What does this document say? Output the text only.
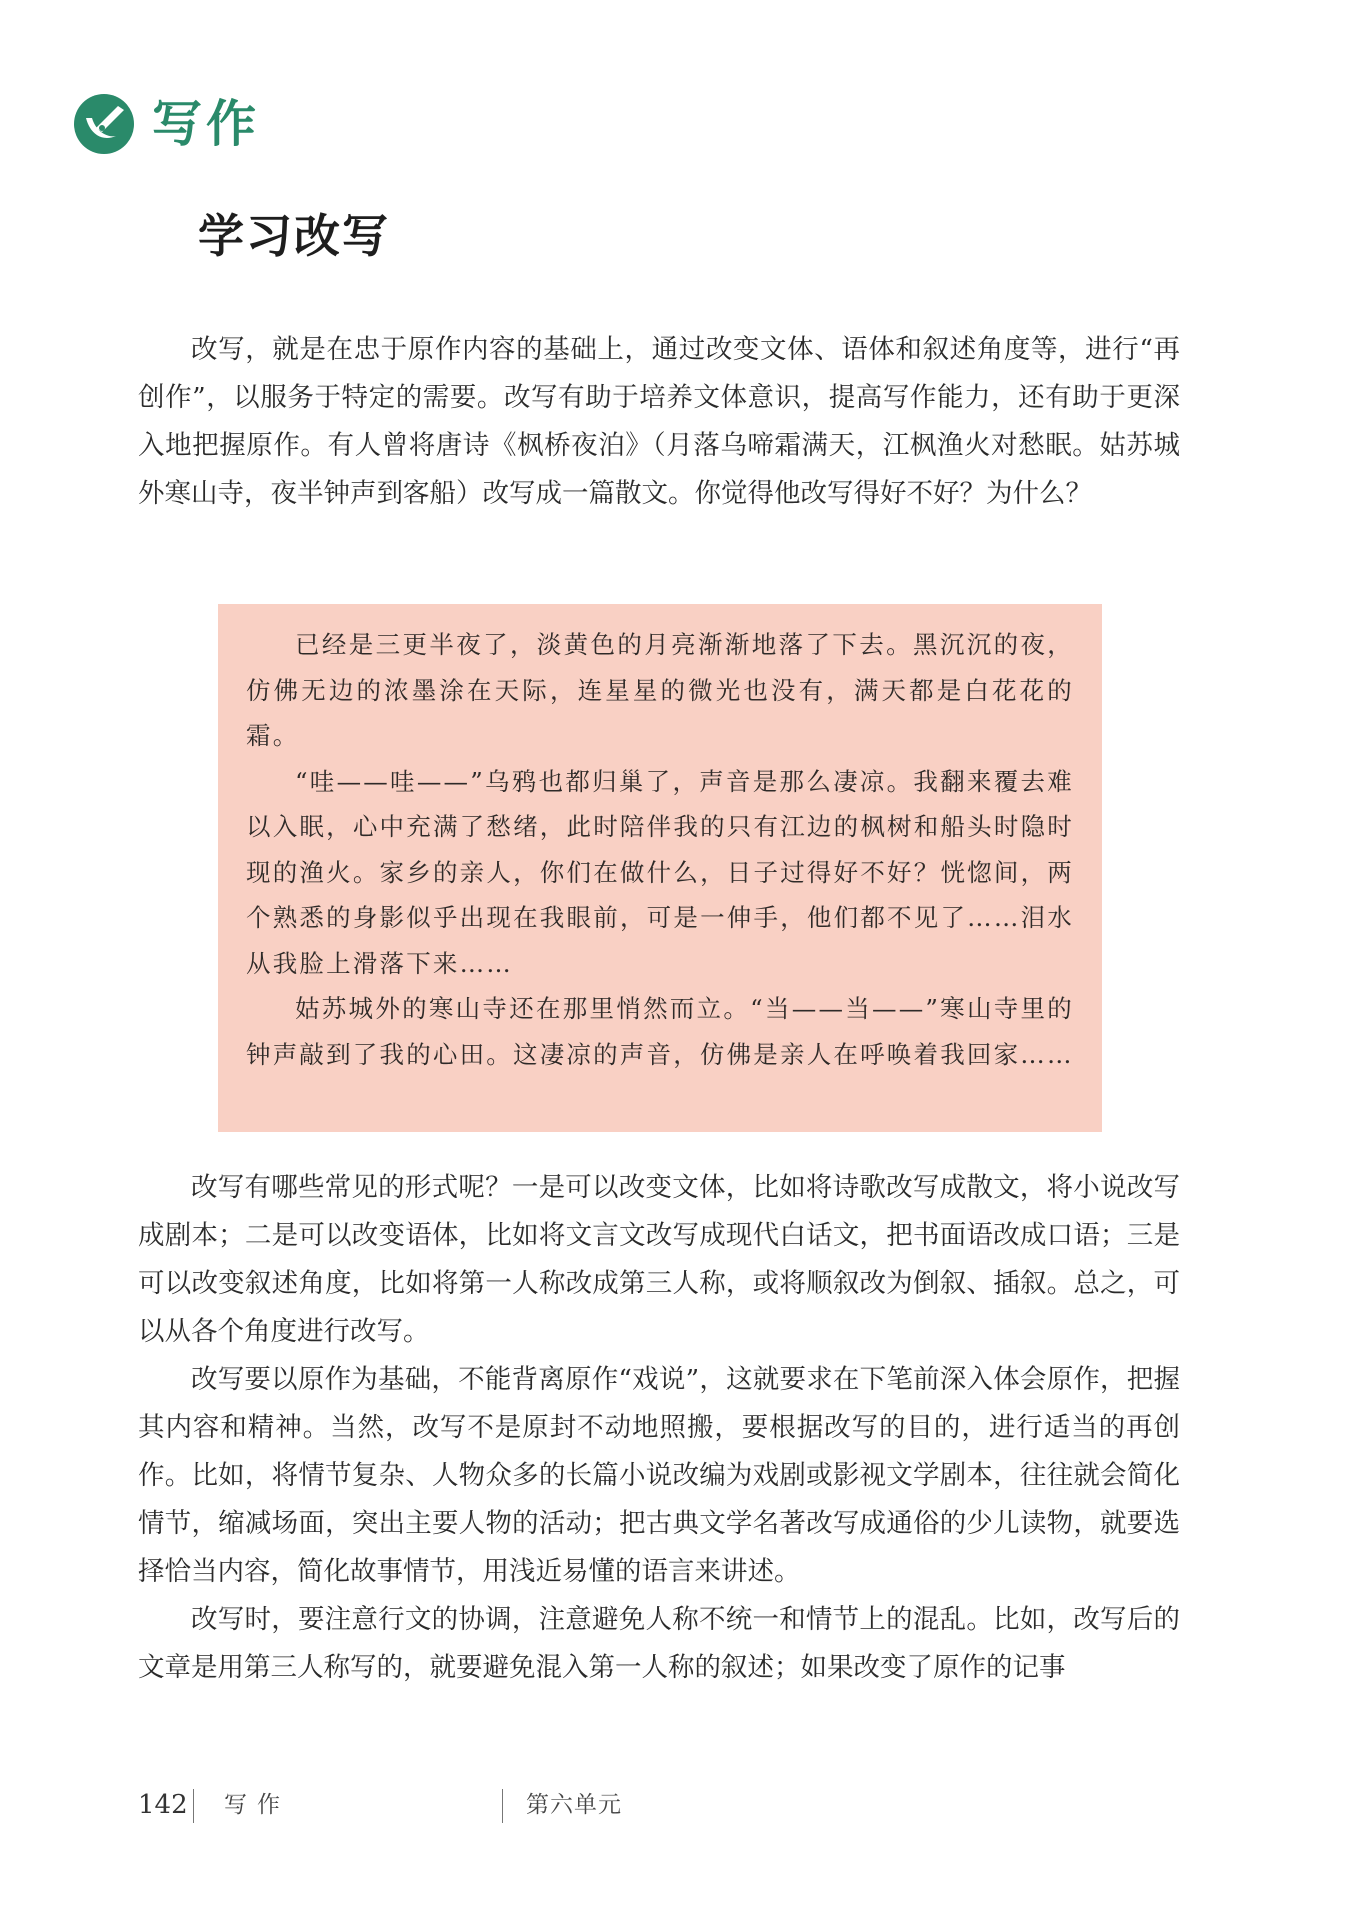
写作
学习改写

改写，就是在忠于原作内容的基础上，通过改变文体、语体和叙述角度等，进行“再创作”，以服务于特定的需要。改写有助于培养文体意识，提高写作能力，还有助于更深入地把握原作。有人曾将唐诗《枫桥夜泊》（月落乌啼霜满天，江枫渔火对愁眠。姑苏城外寒山寺，夜半钟声到客船）改写成一篇散文。你觉得他改写得好不好？为什么？

已经是三更半夜了，淡黄色的月亮渐渐地落了下去。黑沉沉的夜，仿佛无边的浓墨涂在天际，连星星的微光也没有，满天都是白花花的霜。

“哇——哇——”乌鸦也都归巢了，声音是那么凄凉。我翻来覆去难以入眠，心中充满了愁绪，此时陪伴我的只有江边的枫树和船头时隐时现的渔火。家乡的亲人，你们在做什么，日子过得好不好？恍惚间，两个熟悉的身影似乎出现在我眼前，可是一伸手，他们都不见了……泪水从我脸上滑落下来……

姑苏城外的寒山寺还在那里悄然而立。“当——当——”寒山寺里的钟声敲到了我的心田。这凄凉的声音，仿佛是亲人在呼唤着我回家……

改写有哪些常见的形式呢？一是可以改变文体，比如将诗歌改写成散文，将小说改写成剧本；二是可以改变语体，比如将文言文改写成现代白话文，把书面语改成口语；三是可以改变叙述角度，比如将第一人称改成第三人称，或将顺叙改为倒叙、插叙。总之，可以从各个角度进行改写。

改写要以原作为基础，不能背离原作“戏说”，这就要求在下笔前深入体会原作，把握其内容和精神。当然，改写不是原封不动地照搬，要根据改写的目的，进行适当的再创作。比如，将情节复杂、人物众多的长篇小说改编为戏剧或影视文学剧本，往往就会简化情节，缩减场面，突出主要人物的活动；把古典文学名著改写成通俗的少儿读物，就要选择恰当内容，简化故事情节，用浅近易懂的语言来讲述。

改写时，要注意行文的协调，注意避免人称不统一和情节上的混乱。比如，改写后的文章是用第三人称写的，就要避免混入第一人称的叙述；如果改变了原作的记事

142 写作	第六单元
